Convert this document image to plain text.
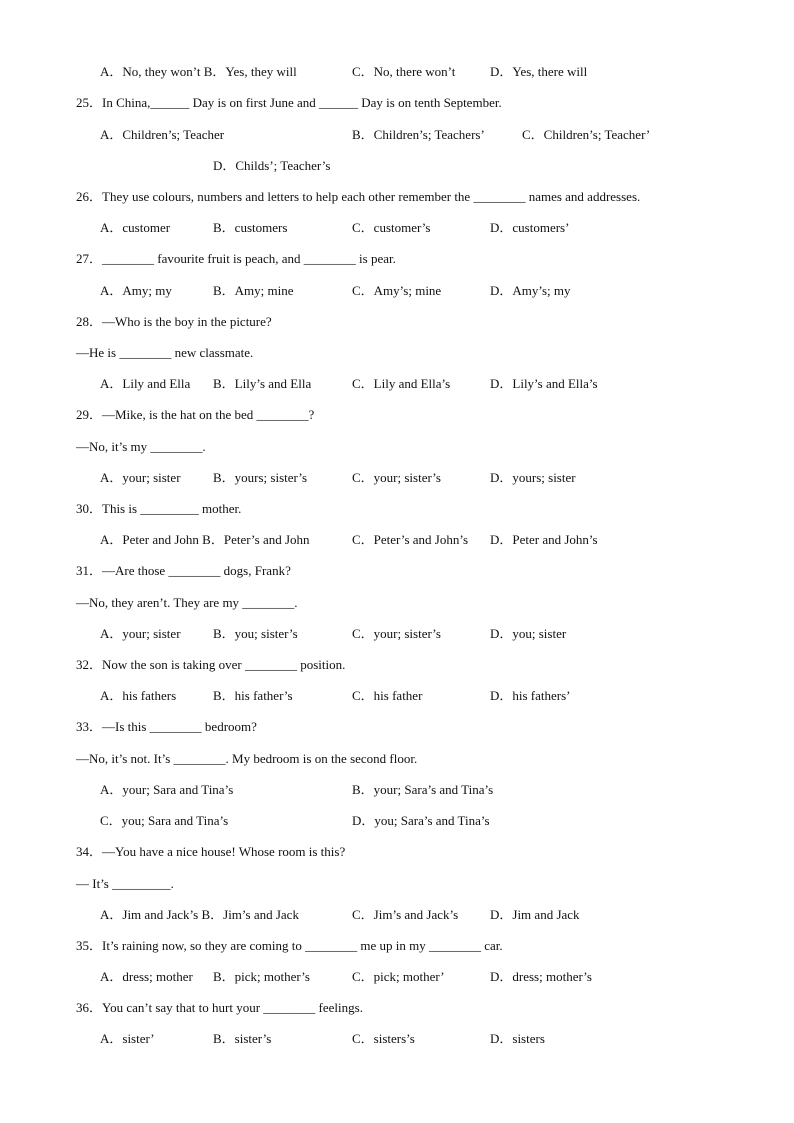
A．No, they won’t B．Yes, they will	C．No, there won’t	D．Yes, there will
25．In China,______ Day is on first June and ______ Day is on tenth September.
A．Children’s; Teacher	B．Children’s; Teachers’	C．Children’s; Teacher’
D．Childs’; Teacher’s
26．They use colours, numbers and letters to help each other remember the ________ names and addresses.
A．customer	B．customers	C．customer’s	D．customers’
27．________ favourite fruit is peach, and ________ is pear.
A．Amy; my	B．Amy; mine	C．Amy’s; mine	D．Amy’s; my
28．—Who is the boy in the picture?
—He is ________ new classmate.
A．Lily and Ella B．Lily’s and Ella	C．Lily and Ella’s	D．Lily’s and Ella’s
29．—Mike, is the hat on the bed ________?
—No, it’s my ________.
A．your; sister B．yours; sister’s	C．your; sister’s	D．yours; sister
30．This is _________ mother.
A．Peter and John B．Peter’s and John	C．Peter’s and John’s D．Peter and John’s
31．—Are those ________ dogs, Frank?
—No, they aren’t. They are my ________.
A．your; sister B．you; sister’s	C．your; sister’s	D．you; sister
32．Now the son is taking over ________ position.
A．his fathers	B．his father’s	C．his father	D．his fathers’
33．—Is this ________ bedroom?
—No, it’s not. It’s ________. My bedroom is on the second floor.
A．your; Sara and Tina’s	B．your; Sara’s and Tina’s
C．you; Sara and Tina’s	D．you; Sara’s and Tina’s
34．—You have a nice house! Whose room is this?
— It’s _________.
A．Jim and Jack’s B．Jim’s and Jack	C．Jim’s and Jack’s D．Jim and Jack
35．It’s raining now, so they are coming to ________ me up in my ________ car.
A．dress; mother B．pick; mother’s	C．pick; mother’	D．dress; mother’s
36．You can’t say that to hurt your ________ feelings.
A．sister’	B．sister’s	C．sisters’s	D．sisters
